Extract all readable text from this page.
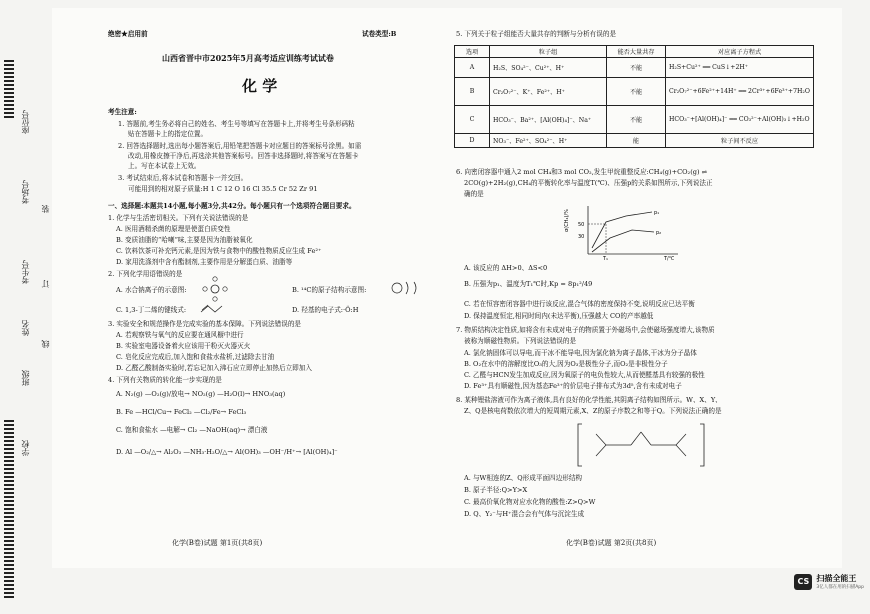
学校
班级
姓名
考生号
考场号
座位号
装
订
线
绝密★启用前	试卷类型:B
山西省晋中市2025年5月高考适应训练考试试卷
化 学
考生注意:
1. 答题前,考生务必将自己的姓名、考生号等填写在答题卡上,并将考生号条形码粘
贴在答题卡上的指定位置。
2. 回答选择题时,选出每小题答案后,用铅笔把答题卡对应题目的答案标号涂黑。如需
改动,用橡皮擦干净后,再选涂其他答案标号。回答非选择题时,将答案写在答题卡
上。写在本试卷上无效。
3. 考试结束后,将本试卷和答题卡一并交回。
可能用到的相对原子质量:H 1 C 12 O 16 Cl 35.5 Cr 52 Zr 91
一、选择题:本题共14小题,每小题3分,共42分。每小题只有一个选项符合题目要求。
1. 化学与生活密切相关。下列有关说法错误的是
A. 医用酒精杀菌的原理是使蛋白质变性
B. 变质油脂的“哈喇”味,主要是因为油脂被氧化
C. 饮料饮茶可补充钙元素,是因为铁与食物中的酸性物质反应生成 Fe²⁺
D. 家用洗涤剂中含有酯制剂,主要作用是分解蛋白质、油脂等
2. 下列化学用语错误的是
A. 水合钠离子的示意图:	B. ¹⁴C的原子结构示意图:
C. 1,3-丁二烯的键线式:	D. 羟基的电子式:·Ö:H
3. 实验安全和规范操作是完成实验的基本保障。下列说法错误的是
A. 若观察铁与氧气的反应要在通风橱中进行
B. 实验室电器设备着火应该用干粉灭火器灭火
C. 皂化反应完成后,加入饱和食盐水盐析,过滤除去甘油
D. 乙醛乙酸制备实验时,若忘记加入沸石应立即停止加热后立即加入
4. 下列有关物质的转化能一步实现的是
A. N₂(g) —O₂(g)/放电→ NO₂(g) —H₂O(l)→ HNO₃(aq)
B. Fe —HCl/Cu→ FeCl₂ —Cl₂/Fe→ FeCl₃
C. 饱和食盐水 —电解→ Cl₂ —NaOH(aq)→ 漂白液
D. Al —O₂/△→ Al₂O₃ —NH₃·H₂O/△→ Al(OH)₃ —OH⁻/H⁺→ [Al(OH)₄]⁻
化学(B卷)试题 第1页(共8页)
5. 下列关于粒子组能否大量共存的判断与分析有误的是
选项	粒子组	能否大量共存	对应离子方程式
A	H₂S、SO₄²⁻、Cu²⁺、H⁺	不能	H₂S+Cu²⁺ ══ CuS↓+2H⁺
B	Cr₂O₇²⁻、K⁺、Fe²⁺、H⁺	不能	Cr₂O₇²⁻+6Fe²⁺+14H⁺ ══ 2Cr³⁺+6Fe³⁺+7H₂O
C	HCO₃⁻、Ba²⁺、[Al(OH)₄]⁻、Na⁺	不能	HCO₃⁻+[Al(OH)₄]⁻ ══ CO₃²⁻+Al(OH)₃↓+H₂O
D	NO₃⁻、Fe²⁺、SO₄²⁻、H⁺	能	粒子间不反应
6. 向密闭容器中通入2 mol CH₄和3 mol CO₂,发生甲烷重整反应:CH₄(g)+CO₂(g) ⇌
2CO(g)+2H₂(g),CH₄的平衡转化率与温度T(℃)、压强p的关系如图所示,下列说法正
确的是
α(CH₄)/% 50
30
T₁	T/℃
p₁
p₂
A. 该反应的 ΔH>0、ΔS<0
B. 压强为p₁、温度为T₁℃时,Kp = 8p₁²/49
C. 若在恒容密闭容器中进行该反应,混合气体的密度保持不变,说明反应已达平衡
D. 保持温度恒定,相同时间内(未达平衡),压强越大 CO的产率越低
7. 物质结构决定性质,如将含有未成对电子的物质置于外磁场中,会使磁场强度增大,该物质
被称为顺磁性物质。下列说法错误的是
A. 氯化钠固体可以导电,而干冰不能导电,因为氯化钠为离子晶体,干冰为分子晶体
B. O₂在水中的溶解度比O₃的大,因为O₃是极性分子,而O₂是非极性分子
C. 乙醛与HCN发生加成反应,因为氧原子的电负性较大,从而使醛基具有较强的极性
D. Fe³⁺具有顺磁性,因为基态Fe³⁺的价层电子排布式为3d⁵,含有未成对电子
8. 某种锂盐溶液可作为离子液体,具有良好的化学性能,其阴离子结构如图所示。W、X、Y、
Z、Q是核电荷数依次增大的短周期元素,X、Z的原子序数之和等于Q。下列说法正确的是
A. 与W相连的Z、Q形成平面四边形结构
B. 原子半径:Q>Y>X
C. 最高价氧化物对应水化物的酸性:Z>Q>W
D. Q、Y₂⁻与H⁺混合会有气体与沉淀生成
化学(B卷)试题 第2页(共8页)
CS 扫描全能王
3亿人都在用的扫描App
